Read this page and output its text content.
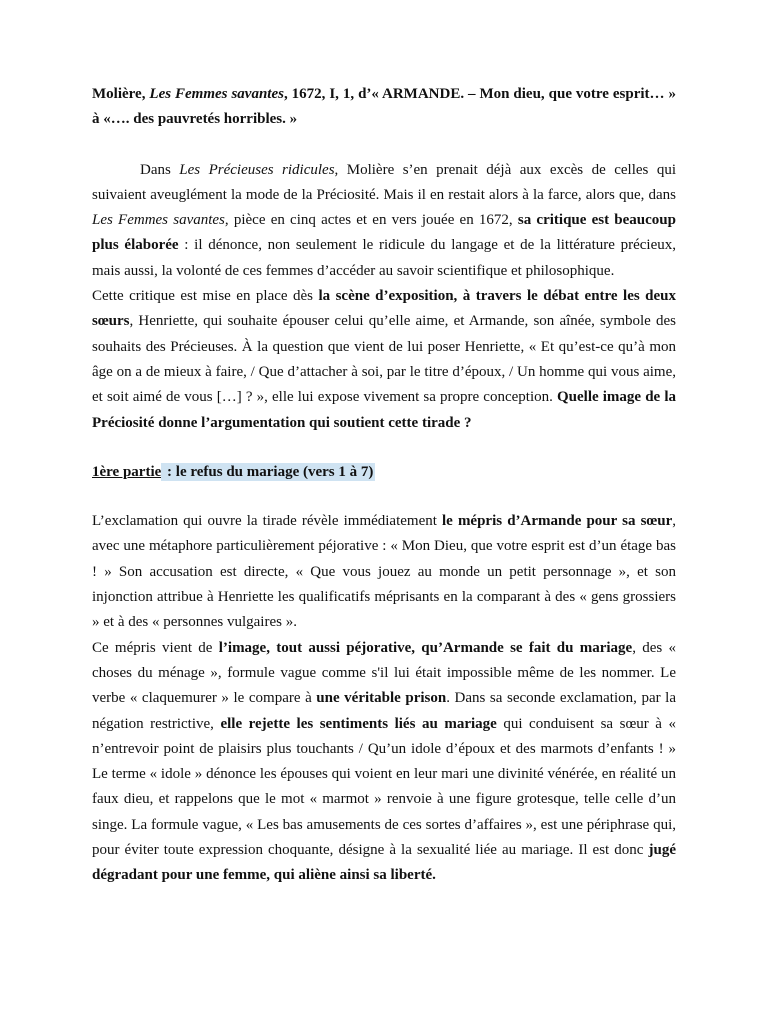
Molière, Les Femmes savantes, 1672, I, 1, d’« ARMANDE. – Mon dieu, que votre esprit… » à «…. des pauvretés horribles. »

Dans Les Précieuses ridicules, Molière s’en prenait déjà aux excès de celles qui suivaient aveuglément la mode de la Préciosité. Mais il en restait alors à la farce, alors que, dans Les Femmes savantes, pièce en cinq actes et en vers jouée en 1672, sa critique est beaucoup plus élaborée : il dénonce, non seulement le ridicule du langage et de la littérature précieux, mais aussi, la volonté de ces femmes d’accéder au savoir scientifique et philosophique.

Cette critique est mise en place dès la scène d’exposition, à travers le débat entre les deux sœurs, Henriette, qui souhaite épouser celui qu’elle aime, et Armande, son aînée, symbole des souhaits des Précieuses. À la question que vient de lui poser Henriette, « Et qu’est-ce qu’à mon âge on a de mieux à faire, / Que d’attacher à soi, par le titre d’époux, / Un homme qui vous aime, et soit aimé de vous […] ? », elle lui expose vivement sa propre conception. Quelle image de la Préciosité donne l’argumentation qui soutient cette tirade ?

1ère partie : le refus du mariage (vers 1 à 7)

L’exclamation qui ouvre la tirade révèle immédiatement le mépris d’Armande pour sa sœur, avec une métaphore particulièrement péjorative : « Mon Dieu, que votre esprit est d’un étage bas ! » Son accusation est directe, « Que vous jouez au monde un petit personnage », et son injonction attribue à Henriette les qualificatifs méprisants en la comparant à des « gens grossiers » et à des « personnes vulgaires ».

Ce mépris vient de l’image, tout aussi péjorative, qu’Armande se fait du mariage, des « choses du ménage », formule vague comme s'il lui était impossible même de les nommer. Le verbe « claquemurer » le compare à une véritable prison. Dans sa seconde exclamation, par la négation restrictive, elle rejette les sentiments liés au mariage qui conduisent sa sœur à « n’entrevoir point de plaisirs plus touchants / Qu’un idole d’époux et des marmots d’enfants ! » Le terme « idole » dénonce les épouses qui voient en leur mari une divinité vénérée, en réalité un faux dieu, et rappelons que le mot « marmot » renvoie à une figure grotesque, telle celle d’un singe. La formule vague, « Les bas amusements de ces sortes d’affaires », est une périphrase qui, pour éviter toute expression choquante, désigne à la sexualité liée au mariage. Il est donc jugé dégradant pour une femme, qui aliène ainsi sa liberté.
